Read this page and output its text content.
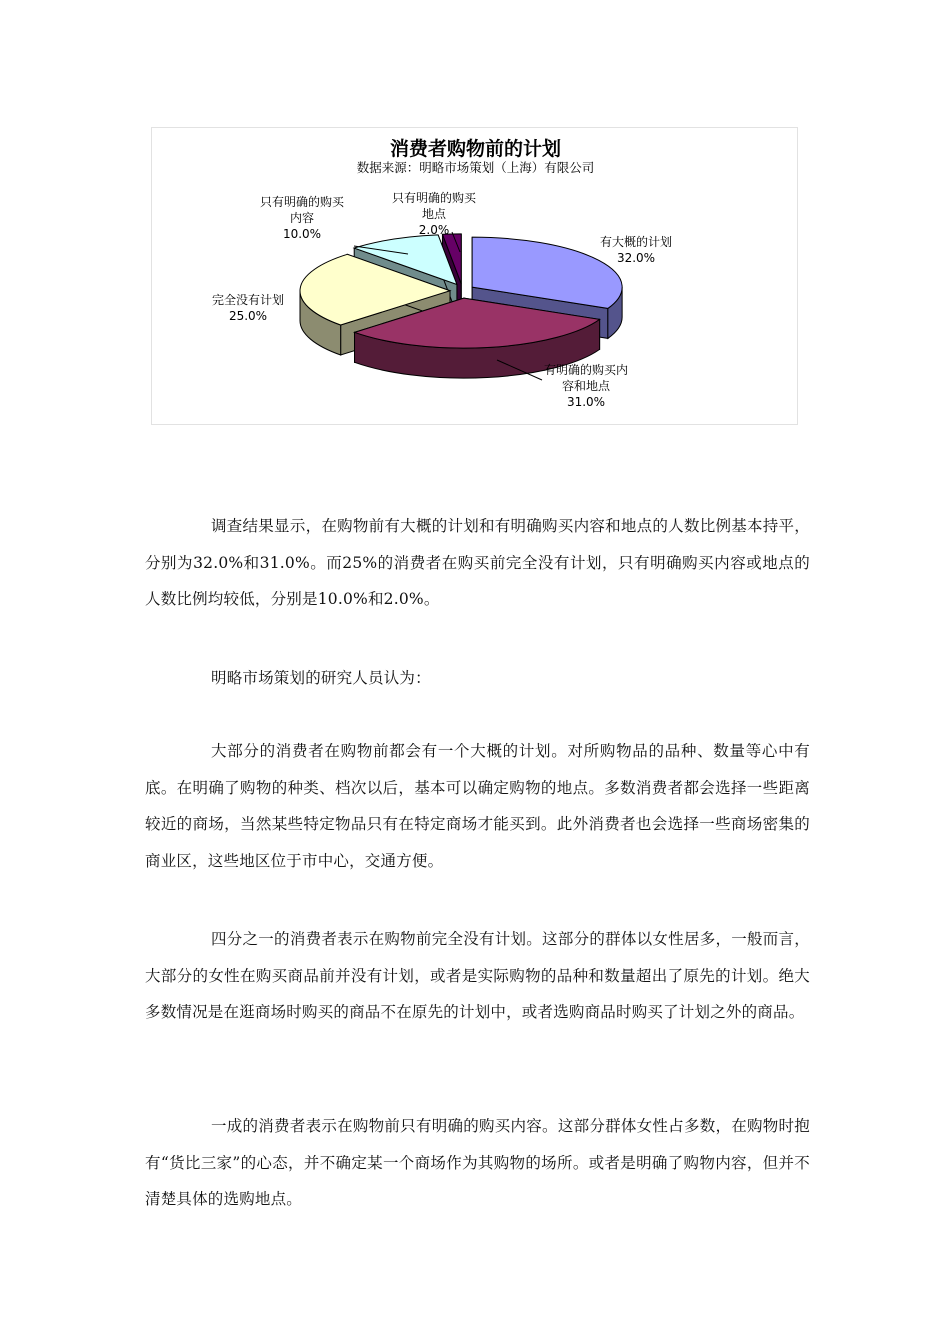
消费者购物前的计划
数据来源：明略市场策划（上海）有限公司
有大概的计划
32.0%
有明确的购买内
容和地点
31.0%
完全没有计划
25.0%
只有明确的购买
内容
10.0%
只有明确的购买
地点
2.0%

调查结果显示，在购物前有大概的计划和有明确购买内容和地点的人数比例基本持平，分别为32.0%和31.0%。而25%的消费者在购买前完全没有计划，只有明确购买内容或地点的人数比例均较低，分别是10.0%和2.0%。

明略市场策划的研究人员认为：

大部分的消费者在购物前都会有一个大概的计划。对所购物品的品种、数量等心中有底。在明确了购物的种类、档次以后，基本可以确定购物的地点。多数消费者都会选择一些距离较近的商场，当然某些特定物品只有在特定商场才能买到。此外消费者也会选择一些商场密集的商业区，这些地区位于市中心，交通方便。

四分之一的消费者表示在购物前完全没有计划。这部分的群体以女性居多，一般而言，大部分的女性在购买商品前并没有计划，或者是实际购物的品种和数量超出了原先的计划。绝大多数情况是在逛商场时购买的商品不在原先的计划中，或者选购商品时购买了计划之外的商品。

一成的消费者表示在购物前只有明确的购买内容。这部分群体女性占多数，在购物时抱有“货比三家”的心态，并不确定某一个商场作为其购物的场所。或者是明确了购物内容，但并不清楚具体的选购地点。
